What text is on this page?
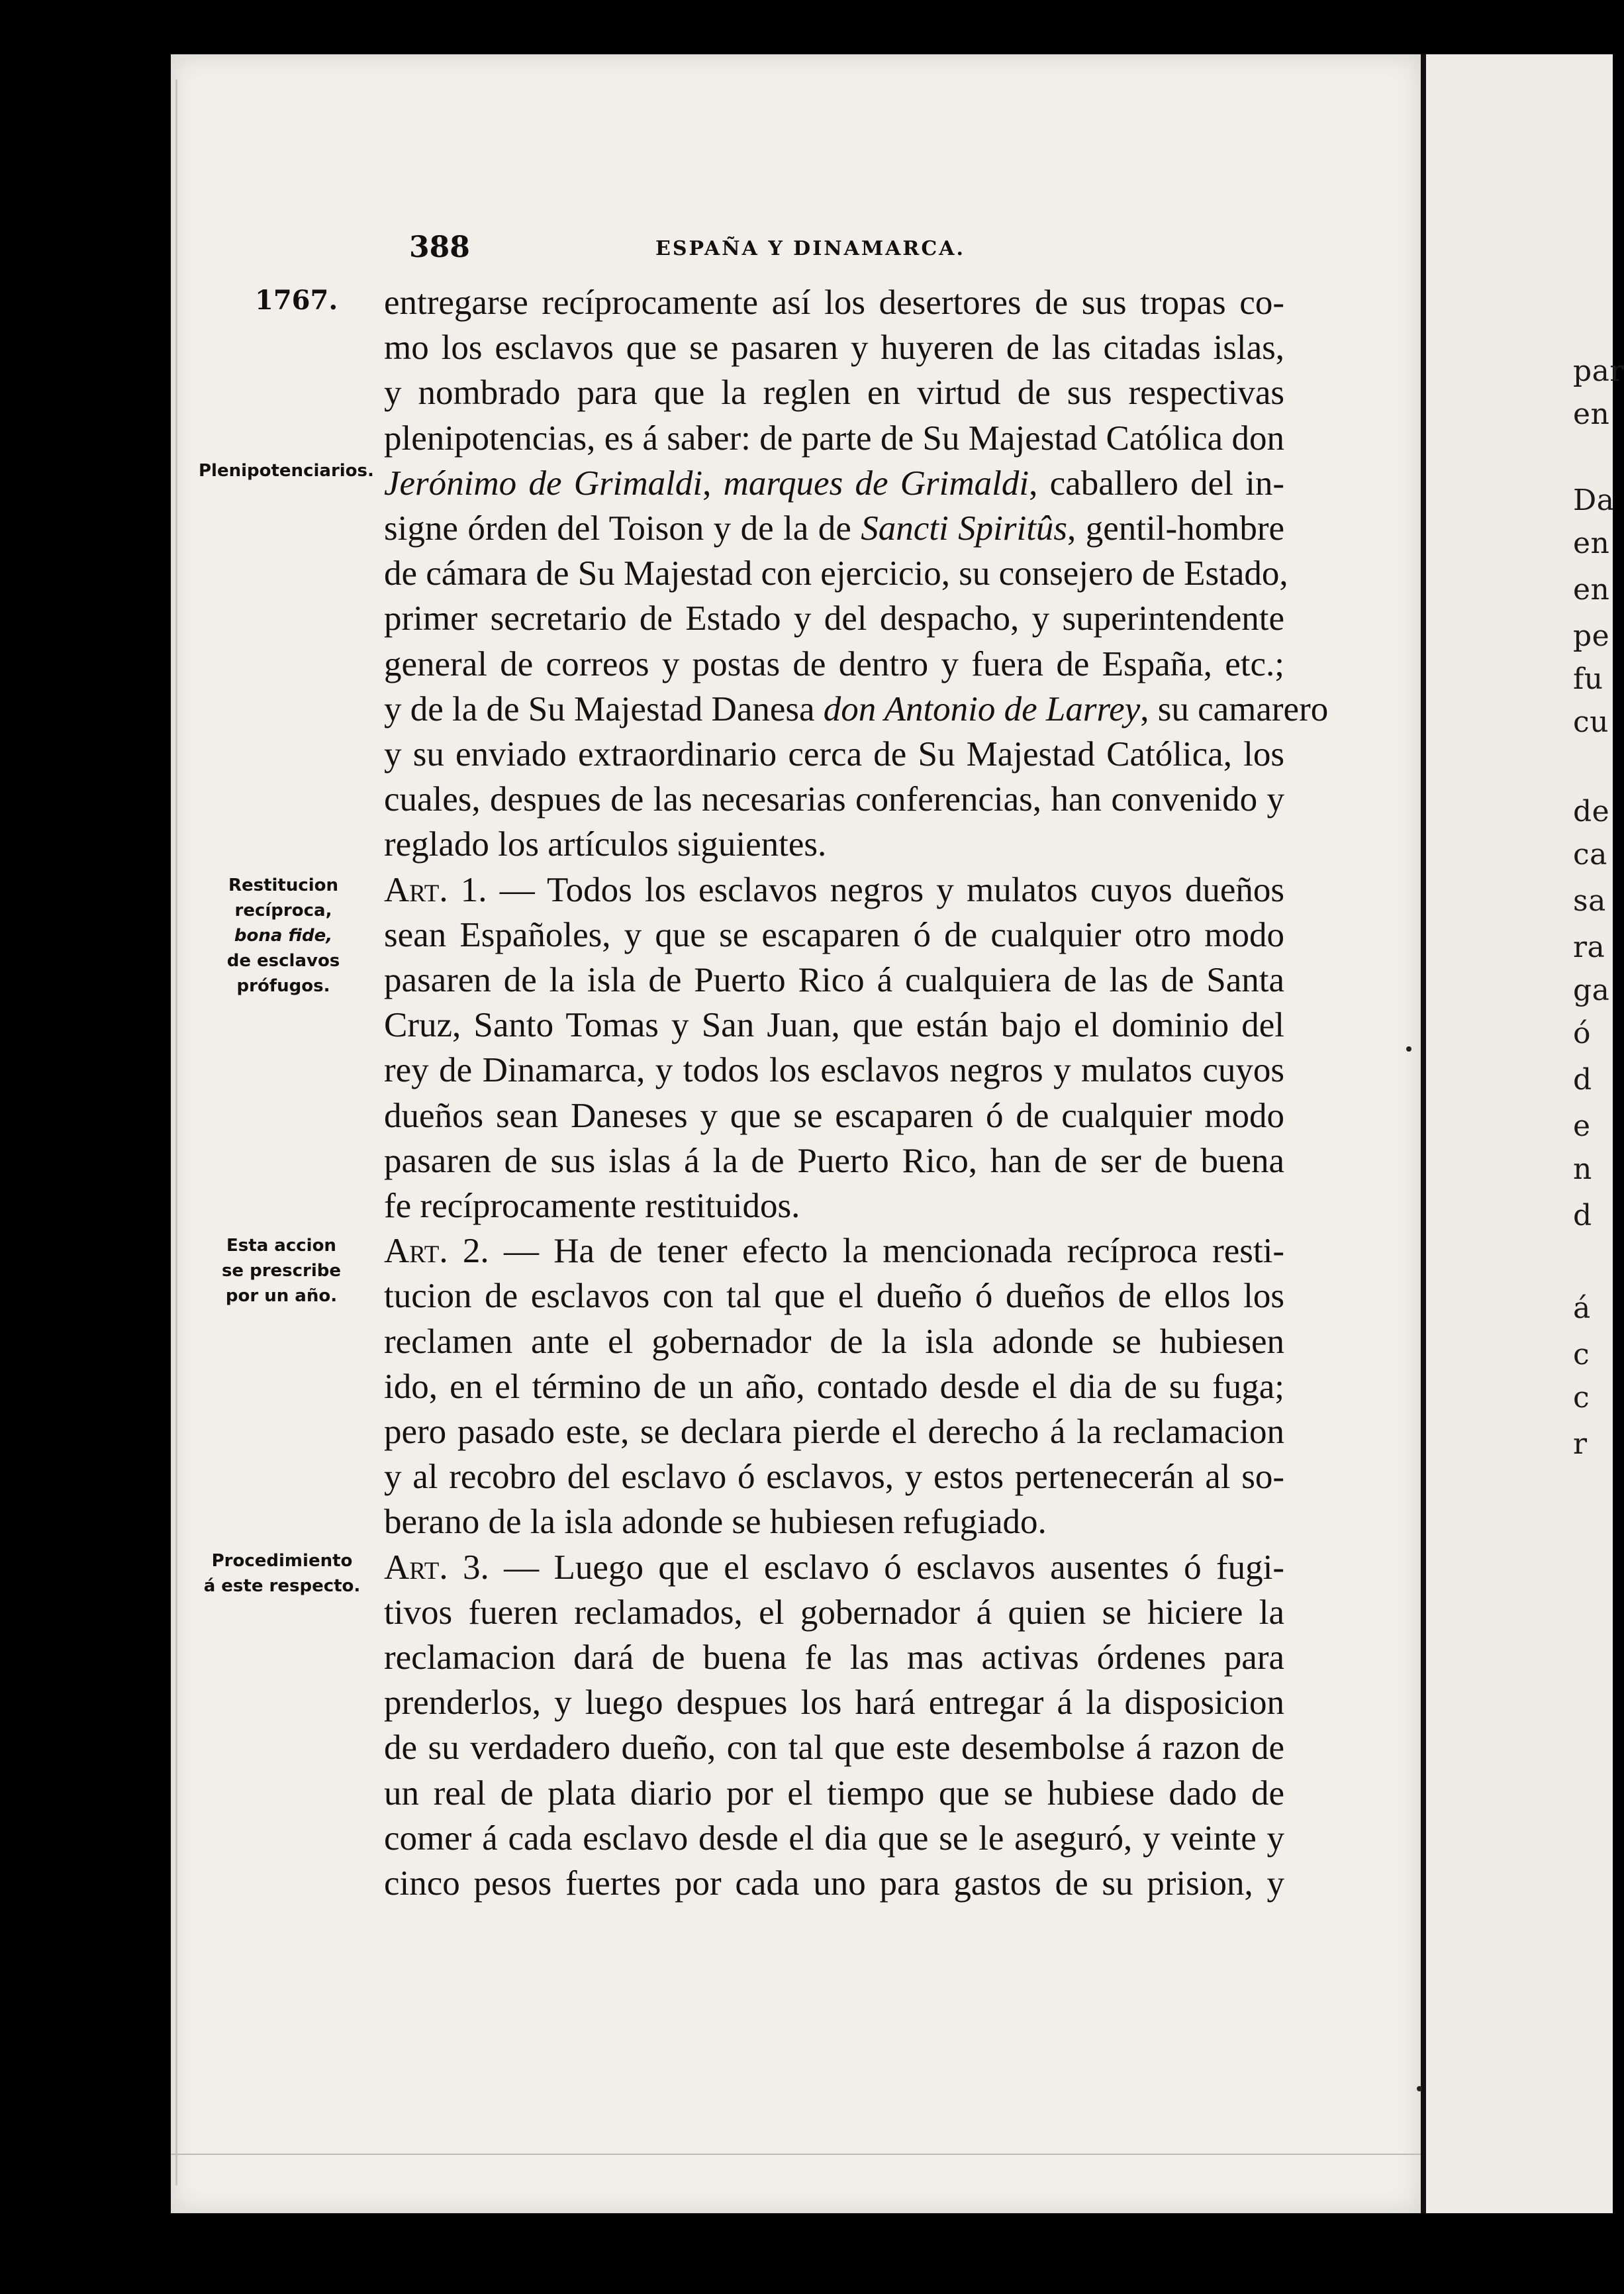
388	ESPAÑA Y DINAMARCA.
1767.
Plenipotenciarios.
Restitucion
recíproca,
bona fide,
de esclavos
prófugos.
Esta accion
se prescribe
por un año.
Procedimiento
á este respecto.
entregarse recíprocamente así los desertores de sus tropas co-
mo los esclavos que se pasaren y huyeren de las citadas islas,
y nombrado para que la reglen en virtud de sus respectivas
plenipotencias, es á saber: de parte de Su Majestad Católica don
Jerónimo de Grimaldi, marques de Grimaldi, caballero del in-
signe órden del Toison y de la de Sancti Spiritûs, gentil-hombre
de cámara de Su Majestad con ejercicio, su consejero de Estado,
primer secretario de Estado y del despacho, y superintendente
general de correos y postas de dentro y fuera de España, etc.;
y de la de Su Majestad Danesa don Antonio de Larrey, su camarero
y su enviado extraordinario cerca de Su Majestad Católica, los
cuales, despues de las necesarias conferencias, han convenido y
reglado los artículos siguientes.
Art. 1. — Todos los esclavos negros y mulatos cuyos dueños
sean Españoles, y que se escaparen ó de cualquier otro modo
pasaren de la isla de Puerto Rico á cualquiera de las de Santa
Cruz, Santo Tomas y San Juan, que están bajo el dominio del
rey de Dinamarca, y todos los esclavos negros y mulatos cuyos
dueños sean Daneses y que se escaparen ó de cualquier modo
pasaren de sus islas á la de Puerto Rico, han de ser de buena
fe recíprocamente restituidos.
Art. 2. — Ha de tener efecto la mencionada recíproca resti-
tucion de esclavos con tal que el dueño ó dueños de ellos los
reclamen ante el gobernador de la isla adonde se hubiesen
ido, en el término de un año, contado desde el dia de su fuga;
pero pasado este, se declara pierde el derecho á la reclamacion
y al recobro del esclavo ó esclavos, y estos pertenecerán al so-
berano de la isla adonde se hubiesen refugiado.
Art. 3. — Luego que el esclavo ó esclavos ausentes ó fugi-
tivos fueren reclamados, el gobernador á quien se hiciere la
reclamacion dará de buena fe las mas activas órdenes para
prenderlos, y luego despues los hará entregar á la disposicion
de su verdadero dueño, con tal que este desembolse á razon de
un real de plata diario por el tiempo que se hubiese dado de
comer á cada esclavo desde el dia que se le aseguró, y veinte y
cinco pesos fuertes por cada uno para gastos de su prision, y
par
en
Da
en
en
pe
fu
cu
de
ca
sa
ra
ga
ó
d
e
n
d
á
c
c
r
